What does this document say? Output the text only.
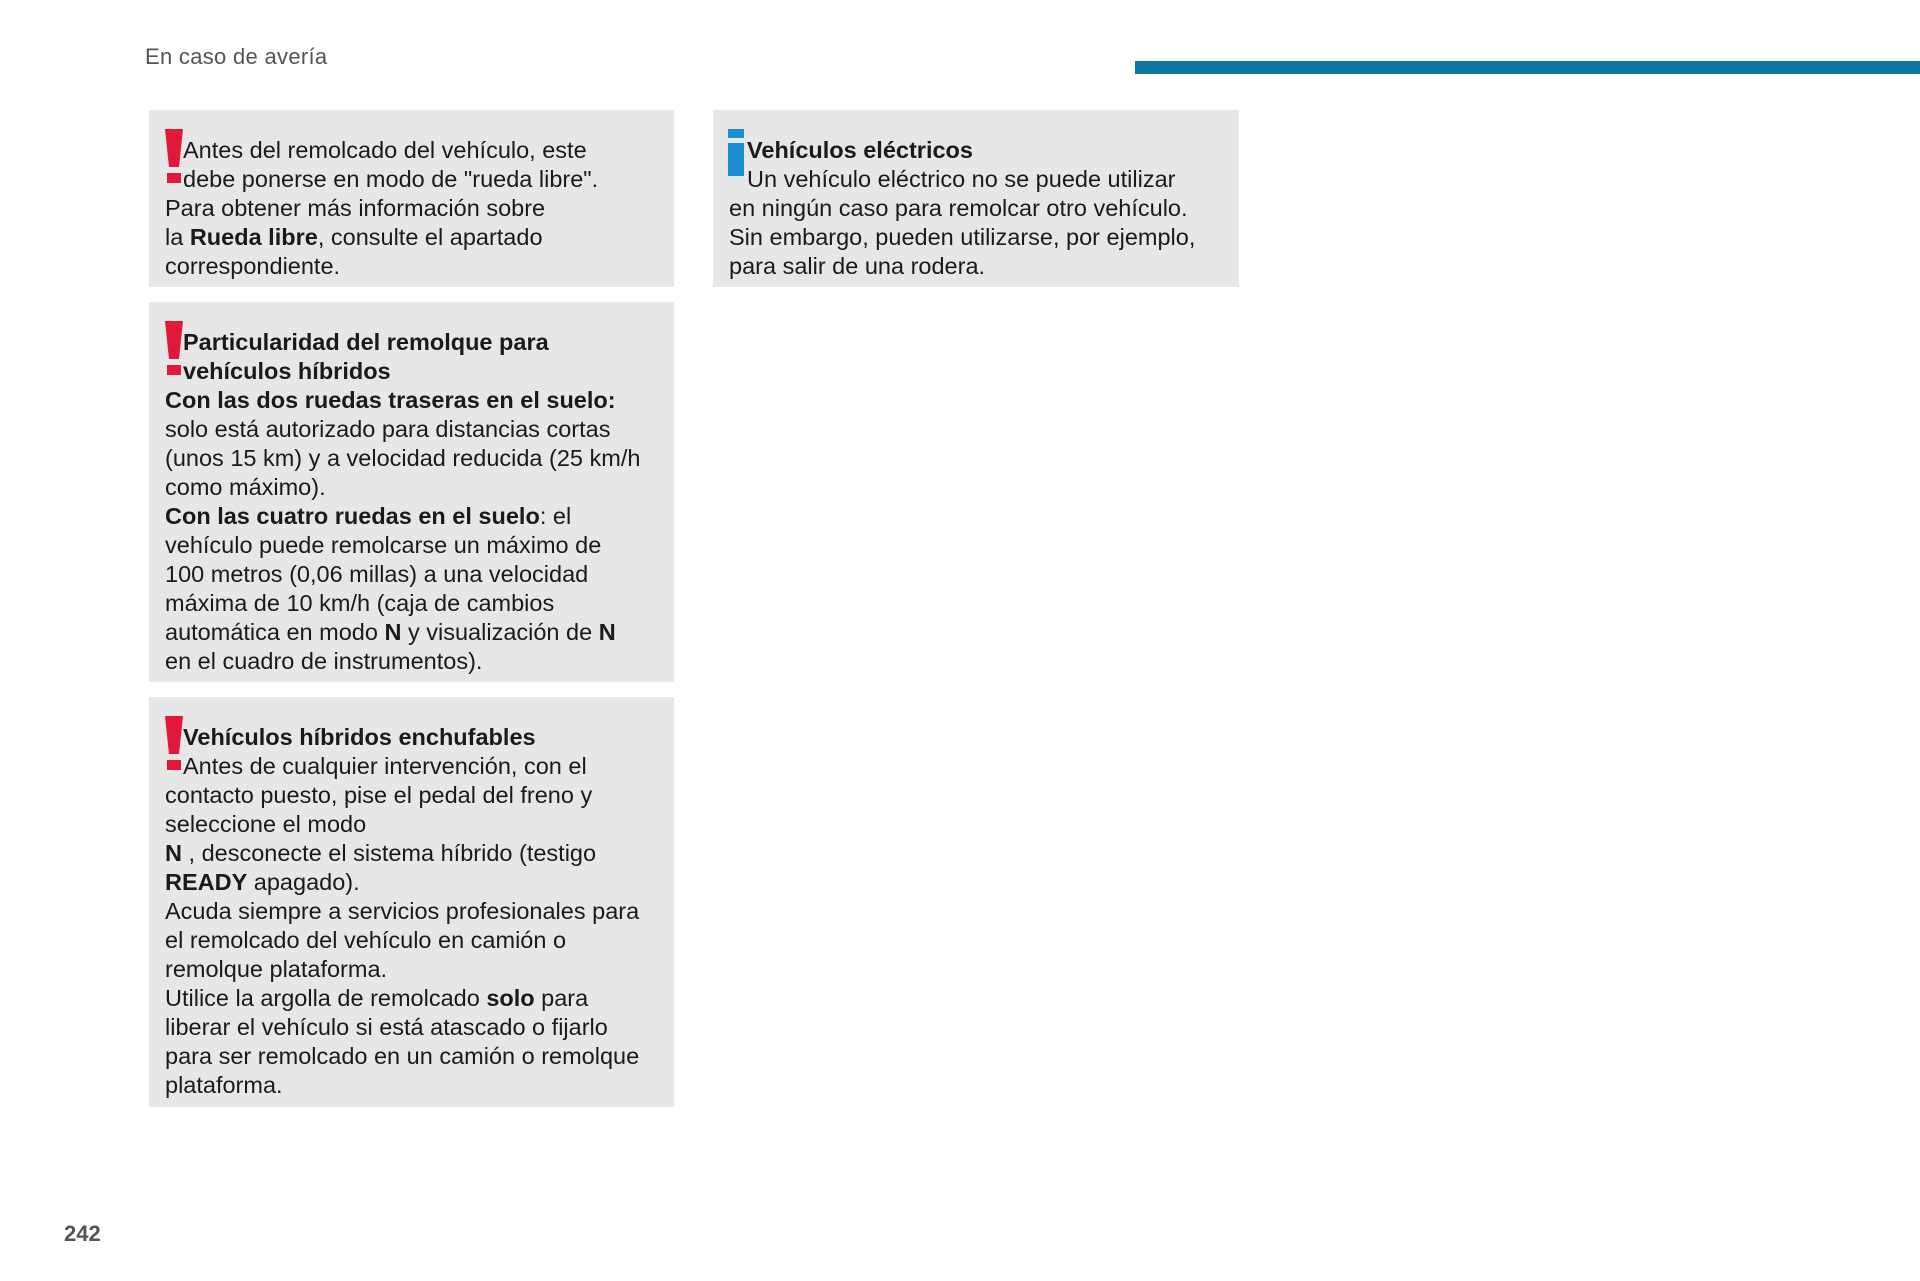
En caso de avería

Antes del remolcado del vehículo, este

debe ponerse en modo de "rueda libre".

Para obtener más información sobre

la Rueda libre, consulte el apartado

correspondiente.

Particularidad del remolque para

vehículos híbridos

Con las dos ruedas traseras en el suelo:

solo está autorizado para distancias cortas

(unos 15 km) y a velocidad reducida (25 km/h

como máximo).

Con las cuatro ruedas en el suelo: el

vehículo puede remolcarse un máximo de

100 metros (0,06 millas) a una velocidad

máxima de 10 km/h (caja de cambios

automática en modo N y visualización de N

en el cuadro de instrumentos).

Vehículos híbridos enchufables

Antes de cualquier intervención, con el

contacto puesto, pise el pedal del freno y

seleccione el modo

N , desconecte el sistema híbrido (testigo

READY apagado).

Acuda siempre a servicios profesionales para

el remolcado del vehículo en camión o

remolque plataforma.

Utilice la argolla de remolcado solo para

liberar el vehículo si está atascado o fijarlo

para ser remolcado en un camión o remolque

plataforma.

Vehículos eléctricos

Un vehículo eléctrico no se puede utilizar

en ningún caso para remolcar otro vehículo.

Sin embargo, pueden utilizarse, por ejemplo,

para salir de una rodera.

242
